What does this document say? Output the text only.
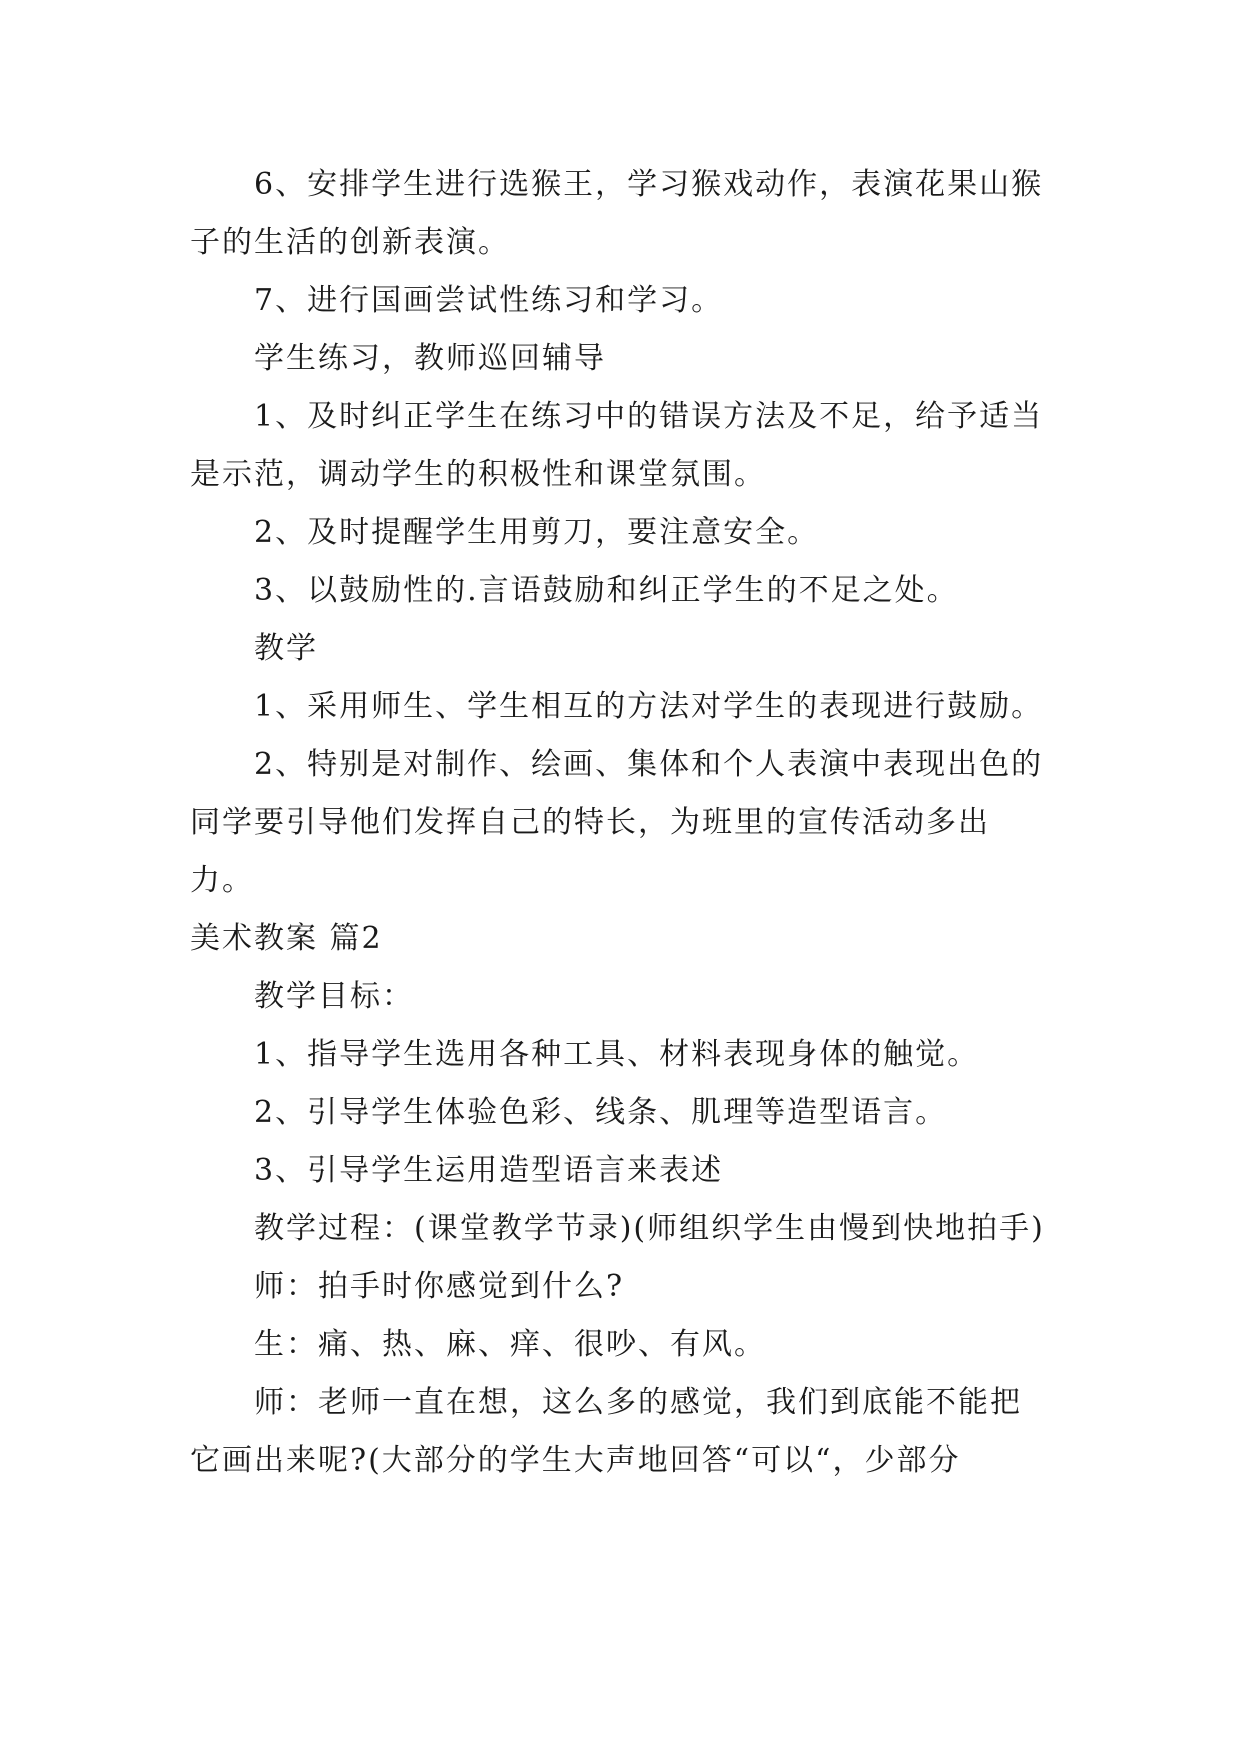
6、安排学生进行选猴王，学习猴戏动作，表演花果山猴子的生活的创新表演。

7、进行国画尝试性练习和学习。

学生练习，教师巡回辅导

1、及时纠正学生在练习中的错误方法及不足，给予适当是示范，调动学生的积极性和课堂氛围。

2、及时提醒学生用剪刀，要注意安全。

3、以鼓励性的.言语鼓励和纠正学生的不足之处。

教学

1、采用师生、学生相互的方法对学生的表现进行鼓励。

2、特别是对制作、绘画、集体和个人表演中表现出色的同学要引导他们发挥自己的特长，为班里的宣传活动多出力。

美术教案 篇2

教学目标：

1、指导学生选用各种工具、材料表现身体的触觉。

2、引导学生体验色彩、线条、肌理等造型语言。

3、引导学生运用造型语言来表述

教学过程：(课堂教学节录)(师组织学生由慢到快地拍手)

师：拍手时你感觉到什么?

生：痛、热、麻、痒、很吵、有风。

师：老师一直在想，这么多的感觉，我们到底能不能把它画出来呢?(大部分的学生大声地回答“可以“，少部分
